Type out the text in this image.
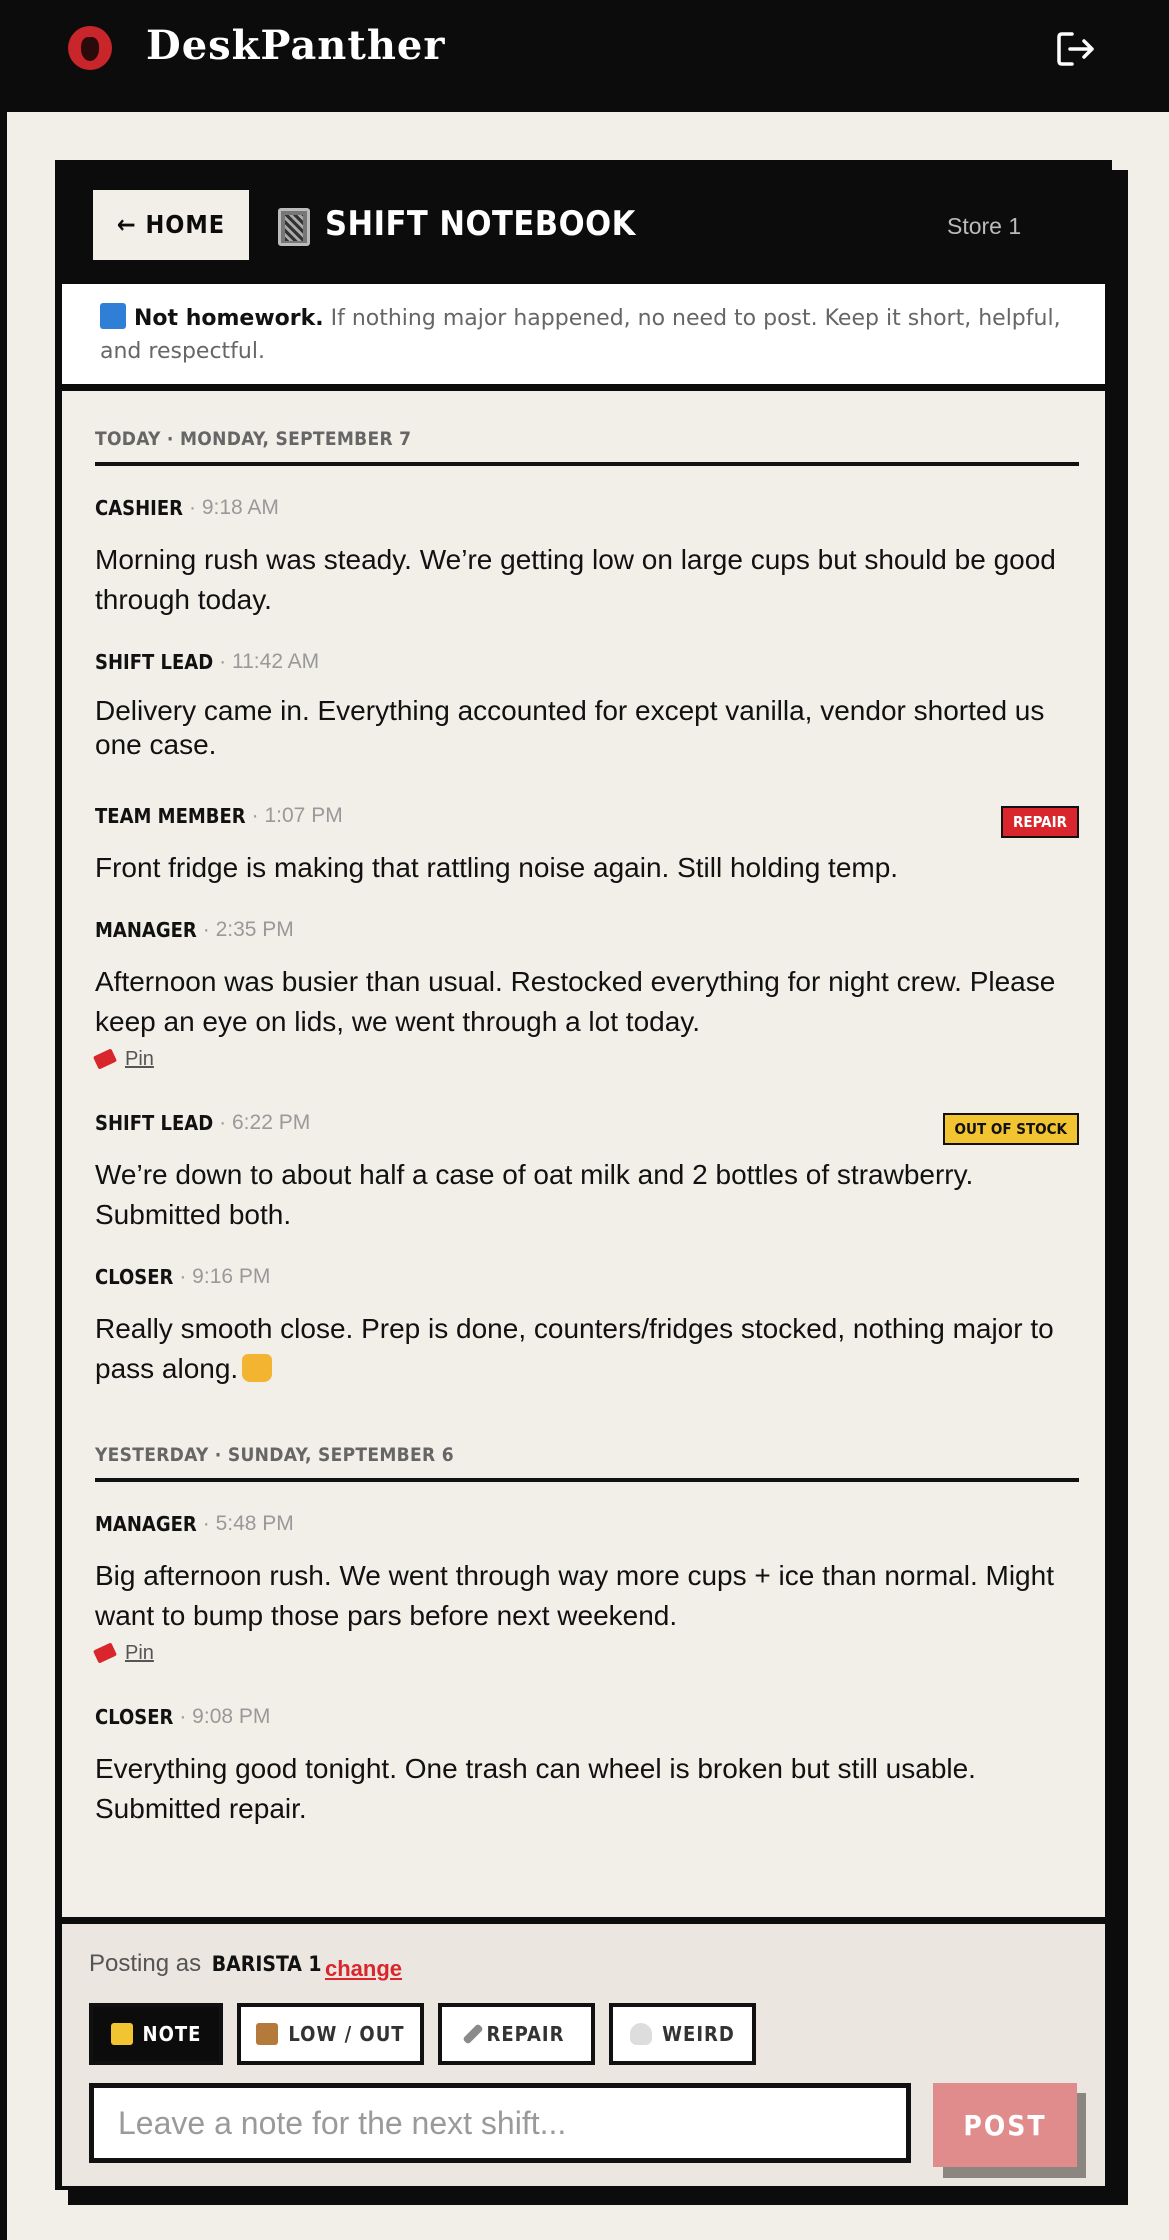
DeskPanther
← HOME	SHIFT NOTEBOOK	Store 1
Not homework. If nothing major happened, no need to post. Keep it short, helpful, and respectful.
TODAY · MONDAY, SEPTEMBER 7
CASHIER · 9:18 AM
Morning rush was steady. We’re getting low on large cups but should be good through today.
SHIFT LEAD · 11:42 AM
Delivery came in. Everything accounted for except vanilla, vendor shorted us one case.
TEAM MEMBER · 1:07 PM	REPAIR
Front fridge is making that rattling noise again. Still holding temp.
MANAGER · 2:35 PM
Afternoon was busier than usual. Restocked everything for night crew. Please keep an eye on lids, we went through a lot today.
Pin
SHIFT LEAD · 6:22 PM	OUT OF STOCK
We’re down to about half a case of oat milk and 2 bottles of strawberry. Submitted both.
CLOSER · 9:16 PM
Really smooth close. Prep is done, counters/fridges stocked, nothing major to pass along.
YESTERDAY · SUNDAY, SEPTEMBER 6
MANAGER · 5:48 PM
Big afternoon rush. We went through way more cups + ice than normal. Might want to bump those pars before next weekend.
Pin
CLOSER · 9:08 PM
Everything good tonight. One trash can wheel is broken but still usable. Submitted repair.
Posting as BARISTA 1 change
NOTE	LOW / OUT	REPAIR	WEIRD
Leave a note for the next shift...
POST
